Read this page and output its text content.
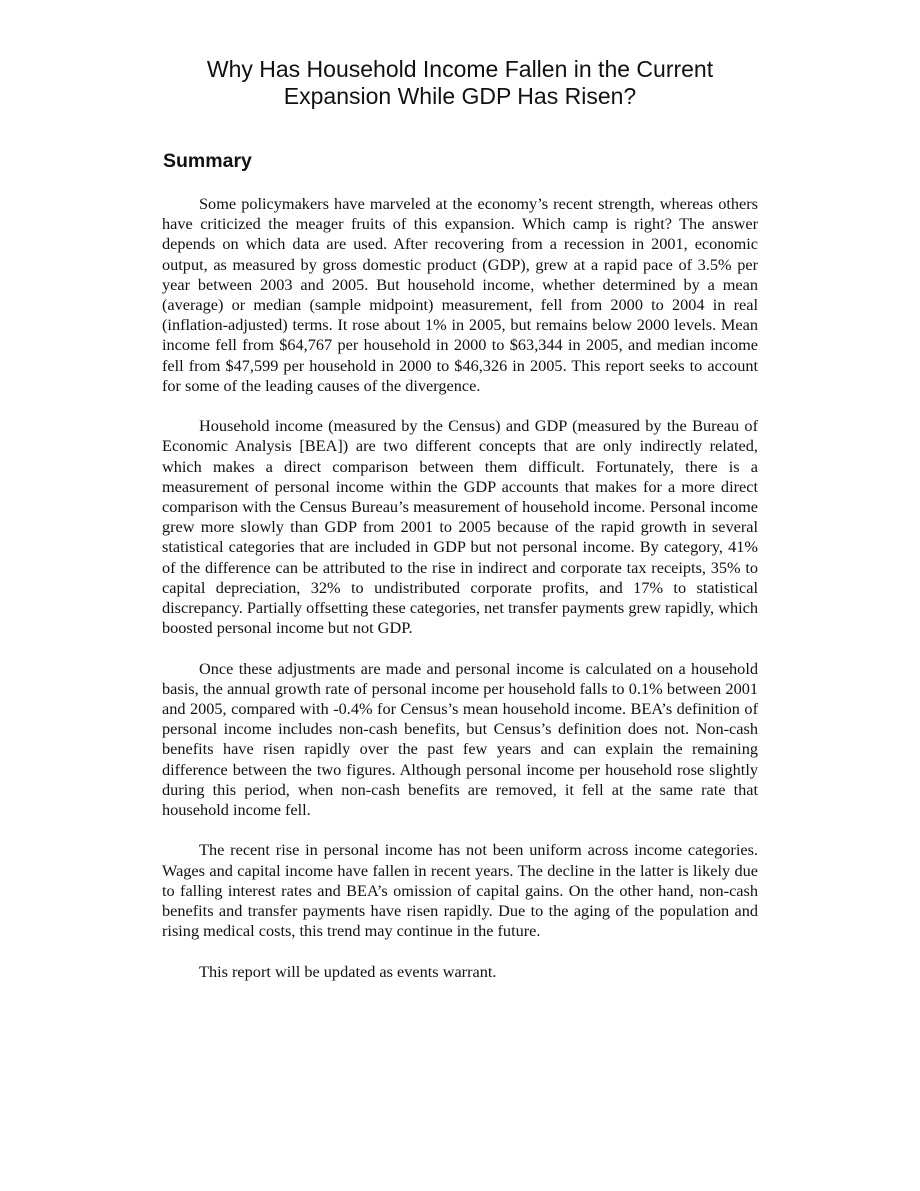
Why Has Household Income Fallen in the Current Expansion While GDP Has Risen?
Summary

Some policymakers have marveled at the economy’s recent strength, whereas others have criticized the meager fruits of this expansion. Which camp is right? The answer depends on which data are used. After recovering from a recession in 2001, economic output, as measured by gross domestic product (GDP), grew at a rapid pace of 3.5% per year between 2003 and 2005. But household income, whether determined by a mean (average) or median (sample midpoint) measurement, fell from 2000 to 2004 in real (inflation-adjusted) terms. It rose about 1% in 2005, but remains below 2000 levels. Mean income fell from $64,767 per household in 2000 to $63,344 in 2005, and median income fell from $47,599 per household in 2000 to $46,326 in 2005. This report seeks to account for some of the leading causes of the divergence.

Household income (measured by the Census) and GDP (measured by the Bureau of Economic Analysis [BEA]) are two different concepts that are only indirectly related, which makes a direct comparison between them difficult. Fortunately, there is a measurement of personal income within the GDP accounts that makes for a more direct comparison with the Census Bureau’s measurement of household income. Personal income grew more slowly than GDP from 2001 to 2005 because of the rapid growth in several statistical categories that are included in GDP but not personal income. By category, 41% of the difference can be attributed to the rise in indirect and corporate tax receipts, 35% to capital depreciation, 32% to undistributed corporate profits, and 17% to statistical discrepancy. Partially offsetting these categories, net transfer payments grew rapidly, which boosted personal income but not GDP.

Once these adjustments are made and personal income is calculated on a household basis, the annual growth rate of personal income per household falls to 0.1% between 2001 and 2005, compared with -0.4% for Census’s mean household income. BEA’s definition of personal income includes non-cash benefits, but Census’s definition does not. Non-cash benefits have risen rapidly over the past few years and can explain the remaining difference between the two figures. Although personal income per household rose slightly during this period, when non-cash benefits are removed, it fell at the same rate that household income fell.

The recent rise in personal income has not been uniform across income categories. Wages and capital income have fallen in recent years. The decline in the latter is likely due to falling interest rates and BEA’s omission of capital gains. On the other hand, non-cash benefits and transfer payments have risen rapidly. Due to the aging of the population and rising medical costs, this trend may continue in the future.

This report will be updated as events warrant.
